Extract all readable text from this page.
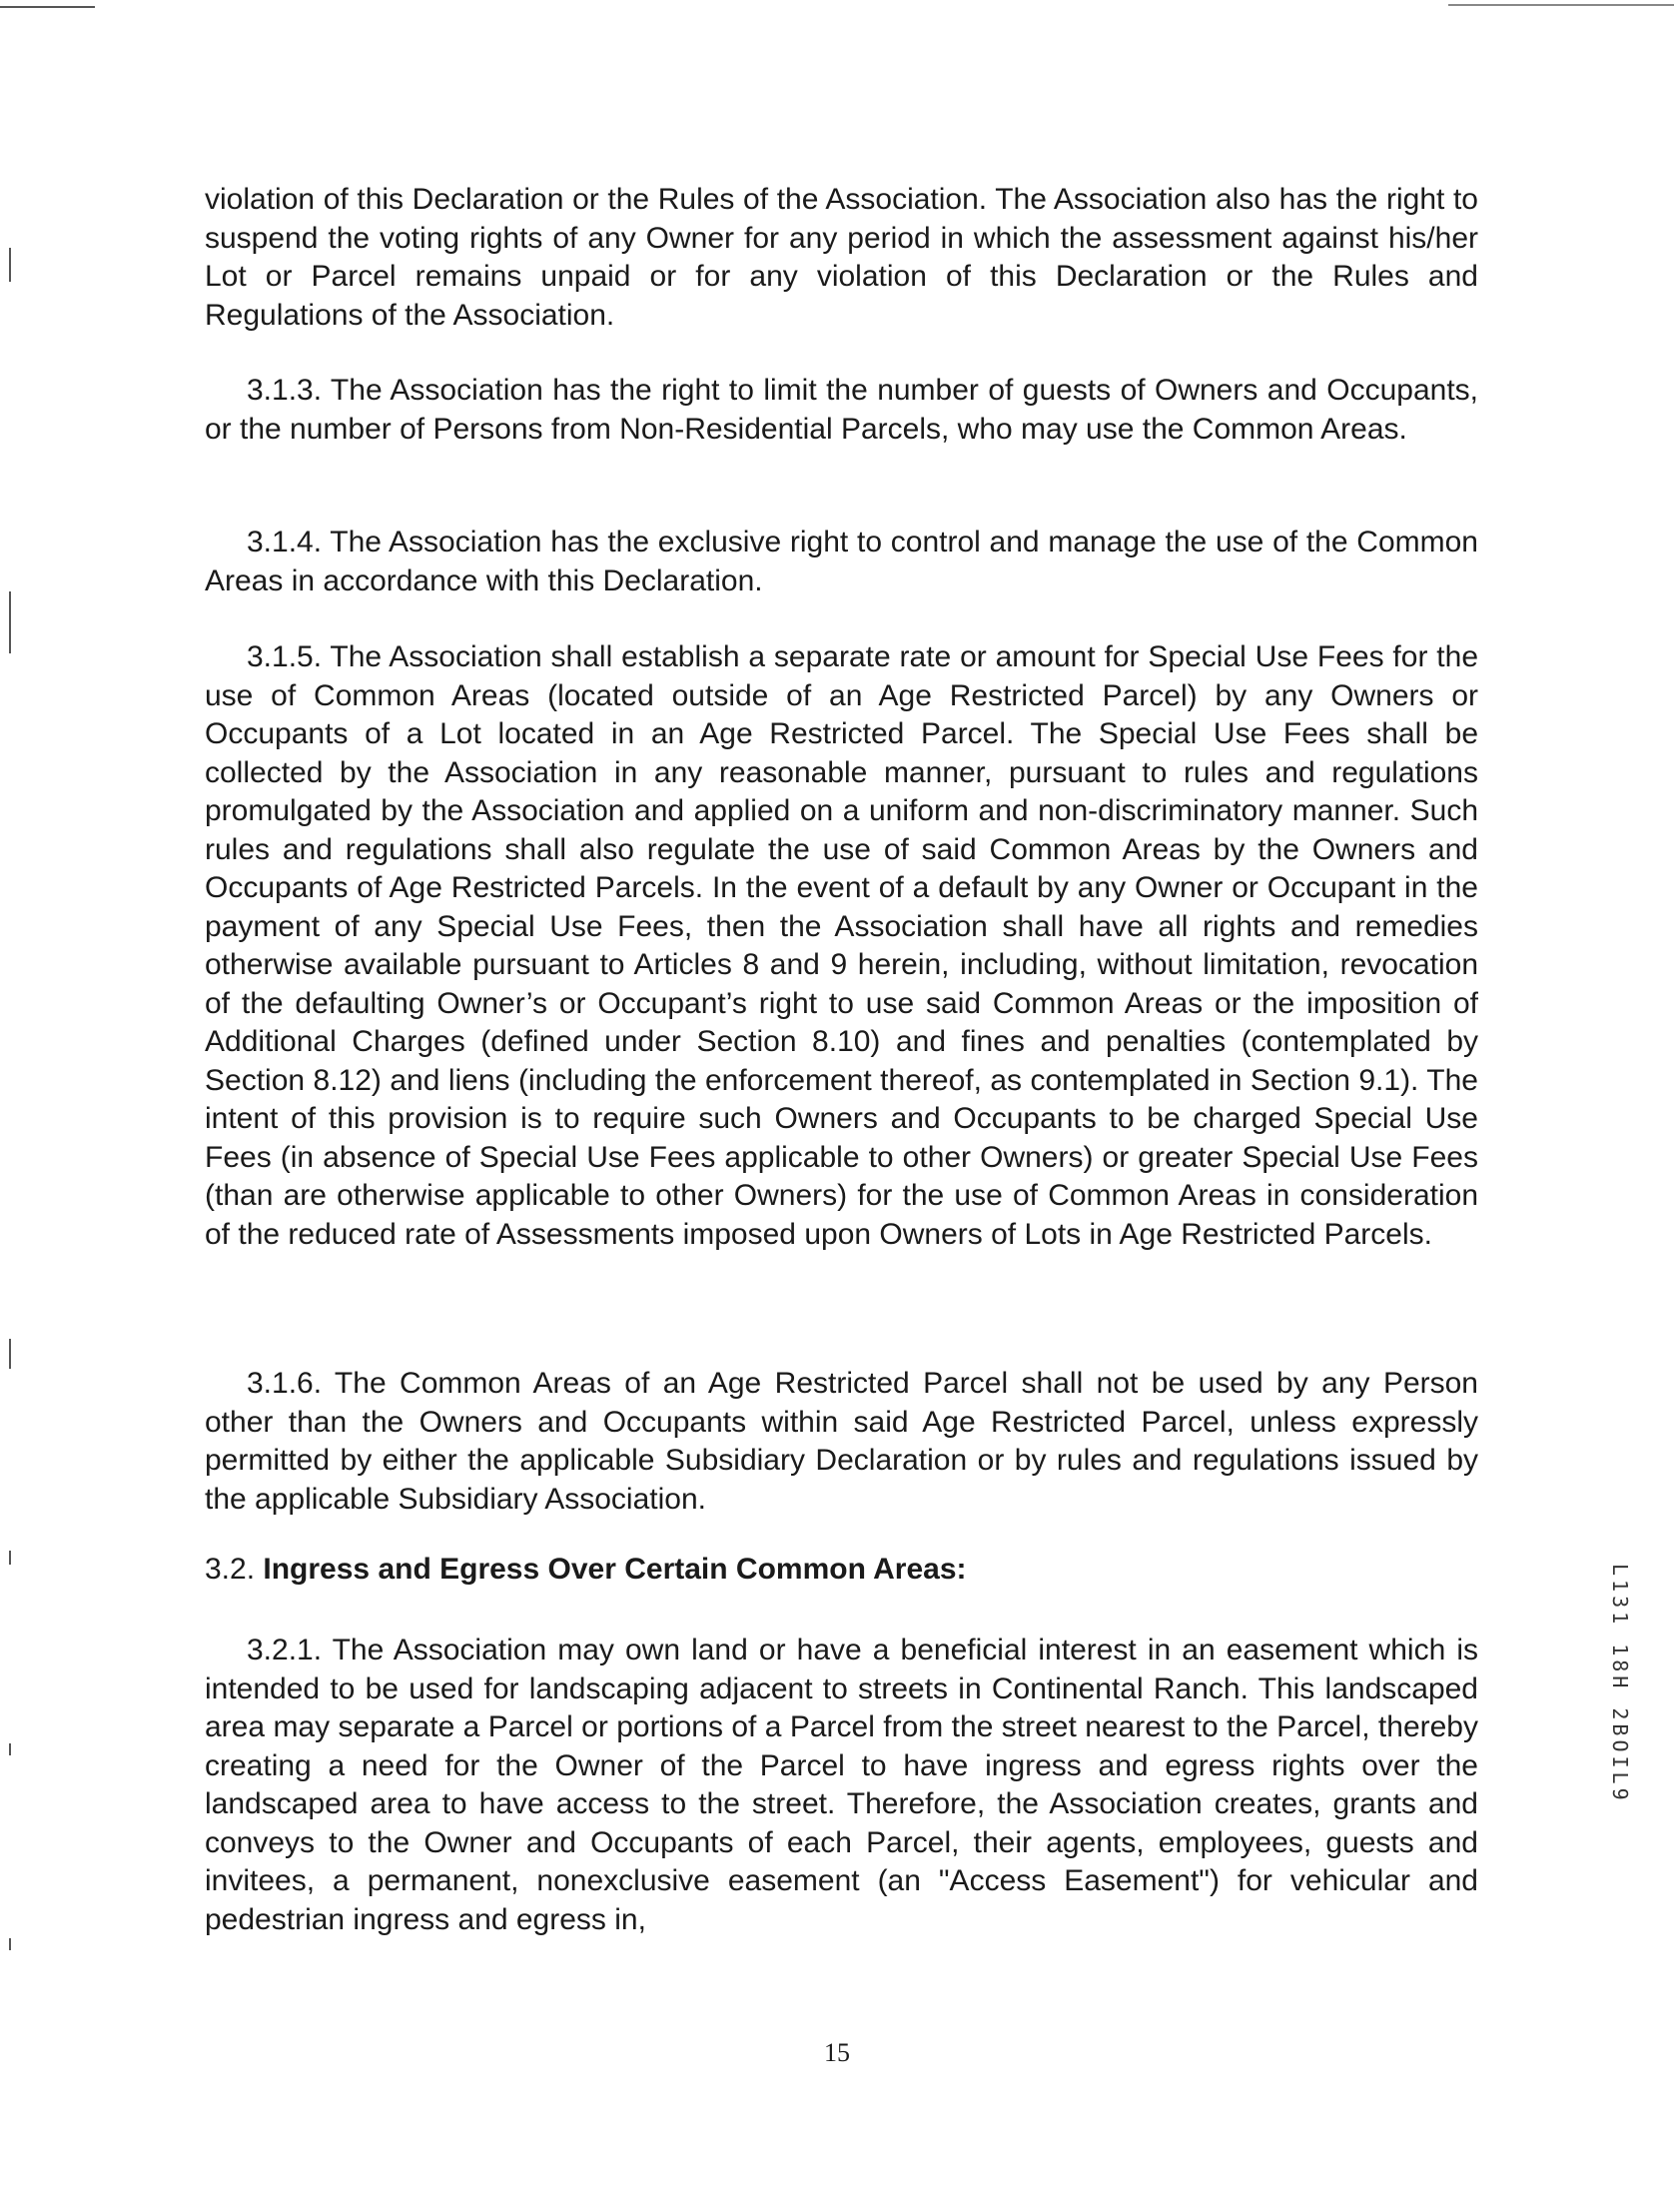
violation of this Declaration or the Rules of the Association. The Association also has the right to suspend the voting rights of any Owner for any period in which the assessment against his/her Lot or Parcel remains unpaid or for any violation of this Declaration or the Rules and Regulations of the Association.

3.1.3. The Association has the right to limit the number of guests of Owners and Occupants, or the number of Persons from Non-Residential Parcels, who may use the Common Areas.

3.1.4. The Association has the exclusive right to control and manage the use of the Common Areas in accordance with this Declaration.

3.1.5. The Association shall establish a separate rate or amount for Special Use Fees for the use of Common Areas (located outside of an Age Restricted Parcel) by any Owners or Occupants of a Lot located in an Age Restricted Parcel. The Special Use Fees shall be collected by the Association in any reasonable manner, pursuant to rules and regulations promulgated by the Association and applied on a uniform and non-discriminatory manner. Such rules and regulations shall also regulate the use of said Common Areas by the Owners and Occupants of Age Restricted Parcels. In the event of a default by any Owner or Occupant in the payment of any Special Use Fees, then the Association shall have all rights and remedies otherwise available pursuant to Articles 8 and 9 herein, including, without limitation, revocation of the defaulting Owner’s or Occupant’s right to use said Common Areas or the imposition of Additional Charges (defined under Section 8.10) and fines and penalties (contemplated by Section 8.12) and liens (including the enforcement thereof, as contemplated in Section 9.1). The intent of this provision is to require such Owners and Occupants to be charged Special Use Fees (in absence of Special Use Fees applicable to other Owners) or greater Special Use Fees (than are otherwise applicable to other Owners) for the use of Common Areas in consideration of the reduced rate of Assessments imposed upon Owners of Lots in Age Restricted Parcels.

3.1.6. The Common Areas of an Age Restricted Parcel shall not be used by any Person other than the Owners and Occupants within said Age Restricted Parcel, unless expressly permitted by either the applicable Subsidiary Declaration or by rules and regulations issued by the applicable Subsidiary Association.

3.2. Ingress and Egress Over Certain Common Areas:

3.2.1. The Association may own land or have a beneficial interest in an easement which is intended to be used for landscaping adjacent to streets in Continental Ranch. This landscaped area may separate a Parcel or portions of a Parcel from the street nearest to the Parcel, thereby creating a need for the Owner of the Parcel to have ingress and egress rights over the landscaped area to have access to the street. Therefore, the Association creates, grants and conveys to the Owner and Occupants of each Parcel, their agents, employees, guests and invitees, a permanent, nonexclusive easement (an "Access Easement") for vehicular and pedestrian ingress and egress in,

L131 18H 2BOIL9
15
